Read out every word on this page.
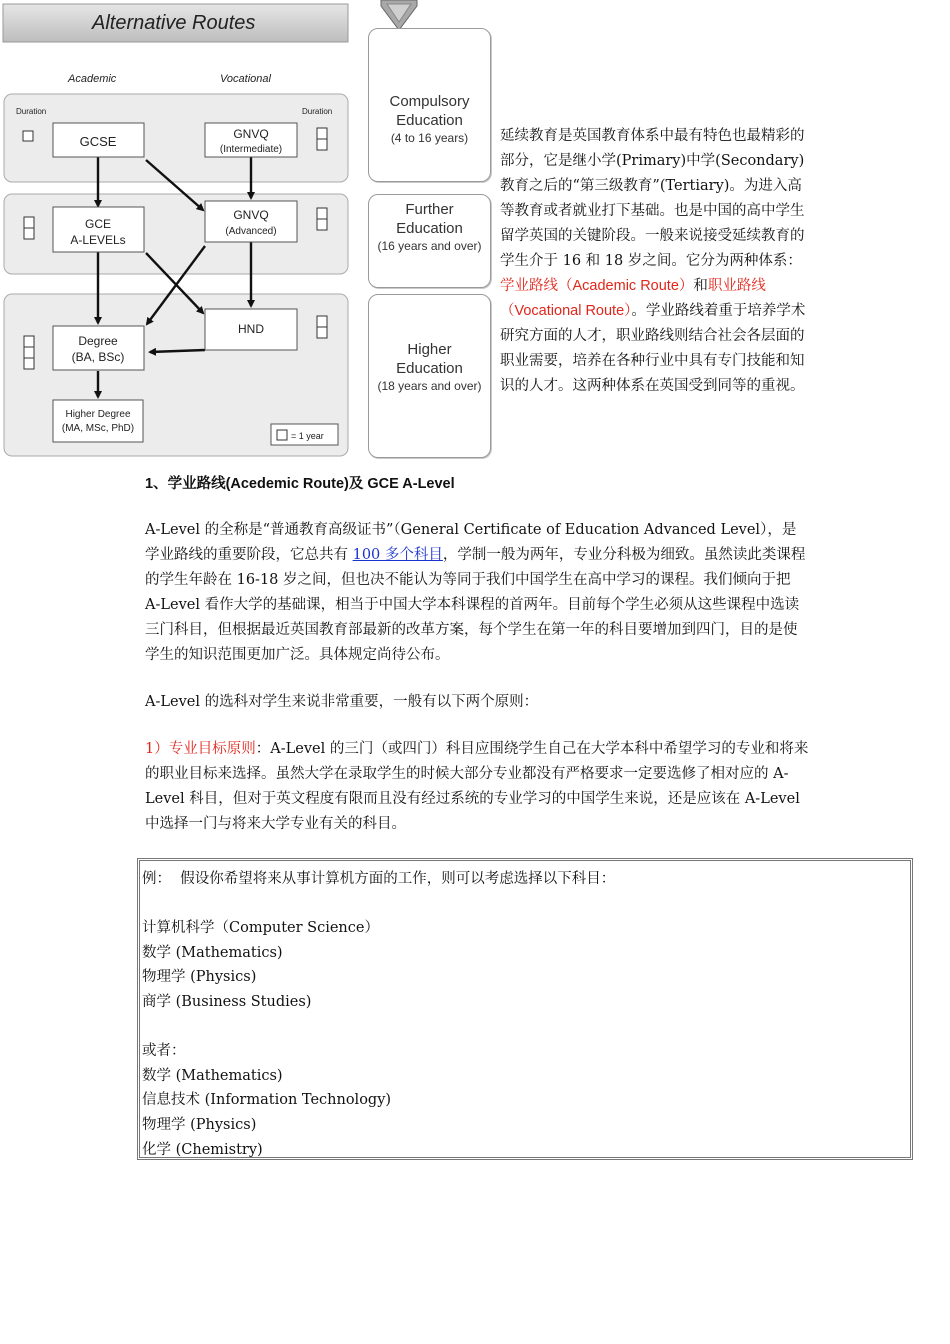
Alternative Routes
Academic	Vocational
Duration	Duration
GCSE	GNVQ
(Intermediate)
GCE
A-LEVELs
GNVQ
(Advanced)
HND
Degree
(BA, BSc)
Higher Degree
(MA, MSc, PhD)
= 1 year
Compulsory
Education
(4 to 16 years)
Further
Education
(16 years and over)
Higher
Education
(18 years and over)
延续教育是英国教育体系中最有特色也最精彩的部分，它是继小学(Primary)中学(Secondary)教育之后的“第三级教育”(Tertiary)。为进入高等教育或者就业打下基础。也是中国的高中学生留学英国的关键阶段。一般来说接受延续教育的学生介于 16 和 18 岁之间。它分为两种体系：学业路线（Academic Route）和职业路线（Vocational Route）。学业路线着重于培养学术研究方面的人才，职业路线则结合社会各层面的职业需要，培养在各种行业中具有专门技能和知识的人才。这两种体系在英国受到同等的重视。
1、学业路线(Acedemic Route)及 GCE A-Level
A-Level 的全称是“普通教育高级证书”（General Certificate of Education Advanced Level），是学业路线的重要阶段，它总共有 100 多个科目，学制一般为两年，专业分科极为细致。虽然读此类课程的学生年龄在 16-18 岁之间，但也决不能认为等同于我们中国学生在高中学习的课程。我们倾向于把 A-Level 看作大学的基础课，相当于中国大学本科课程的首两年。目前每个学生必须从这些课程中选读三门科目，但根据最近英国教育部最新的改革方案，每个学生在第一年的科目要增加到四门，目的是使学生的知识范围更加广泛。具体规定尚待公布。
A-Level 的选科对学生来说非常重要，一般有以下两个原则：
1）专业目标原则：A-Level 的三门（或四门）科目应围绕学生自己在大学本科中希望学习的专业和将来的职业目标来选择。虽然大学在录取学生的时候大部分专业都没有严格要求一定要选修了相对应的 A-Level 科目，但对于英文程度有限而且没有经过系统的专业学习的中国学生来说，还是应该在 A-Level 中选择一门与将来大学专业有关的科目。
例：  假设你希望将来从事计算机方面的工作，则可以考虑选择以下科目：
计算机科学（Computer Science）
数学 (Mathematics)
物理学 (Physics)
商学 (Business Studies)
或者：
数学 (Mathematics)
信息技术 (Information Technology)
物理学 (Physics)
化学 (Chemistry)
